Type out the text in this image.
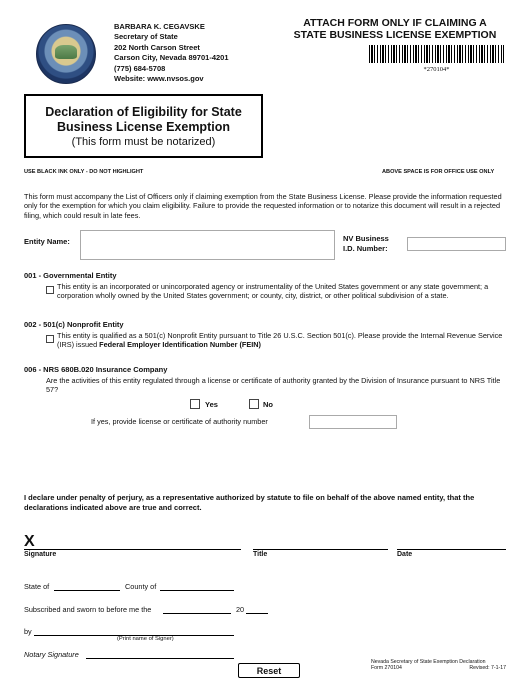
BARBARA K. CEGAVSKE
Secretary of State
202 North Carson Street
Carson City, Nevada 89701-4201
(775) 684-5708
Website: www.nvsos.gov
ATTACH FORM ONLY IF CLAIMING A
STATE BUSINESS LICENSE EXEMPTION
*270104*
Declaration of Eligibility for State
Business License Exemption
(This form must be notarized)
USE BLACK INK ONLY - DO NOT HIGHLIGHT	ABOVE SPACE IS FOR OFFICE USE ONLY
This form must accompany the List of Officers only if claiming exemption from the State Business License. Please provide the information requested only for the exemption for which you claim eligibility. Failure to provide the requested information or to notarize this document will result in a rejected filing, which could result in late fees.
Entity Name:	NV Business
I.D. Number:
001 - Governmental Entity
This entity is an incorporated or unincorporated agency or instrumentality of the United States government or any state government; a corporation wholly owned by the United States government; or county, city, district, or other political subdivision of a state.
002 - 501(c) Nonprofit Entity
This entity is qualified as a 501(c) Nonprofit Entity pursuant to Title 26 U.S.C. Section 501(c). Please provide the Internal Revenue Service (IRS) issued Federal Employer Identification Number (FEIN)
006 - NRS 680B.020 Insurance Company
Are the activities of this entity regulated through a license or certificate of authority granted by the Division of Insurance pursuant to NRS Title 57?
Yes	No
If yes, provide license or certificate of authority number
I declare under penalty of perjury, as a representative authorized by statute to file on behalf of the above named entity, that the declarations indicated above are true and correct.
X
Signature	Title	Date
State of	County of
Subscribed and sworn to before me the	20
by
(Print name of Signer)
Notary Signature
Reset
Nevada Secretary of State Exemption Declaration
Form 270104	Revised: 7-1-17
